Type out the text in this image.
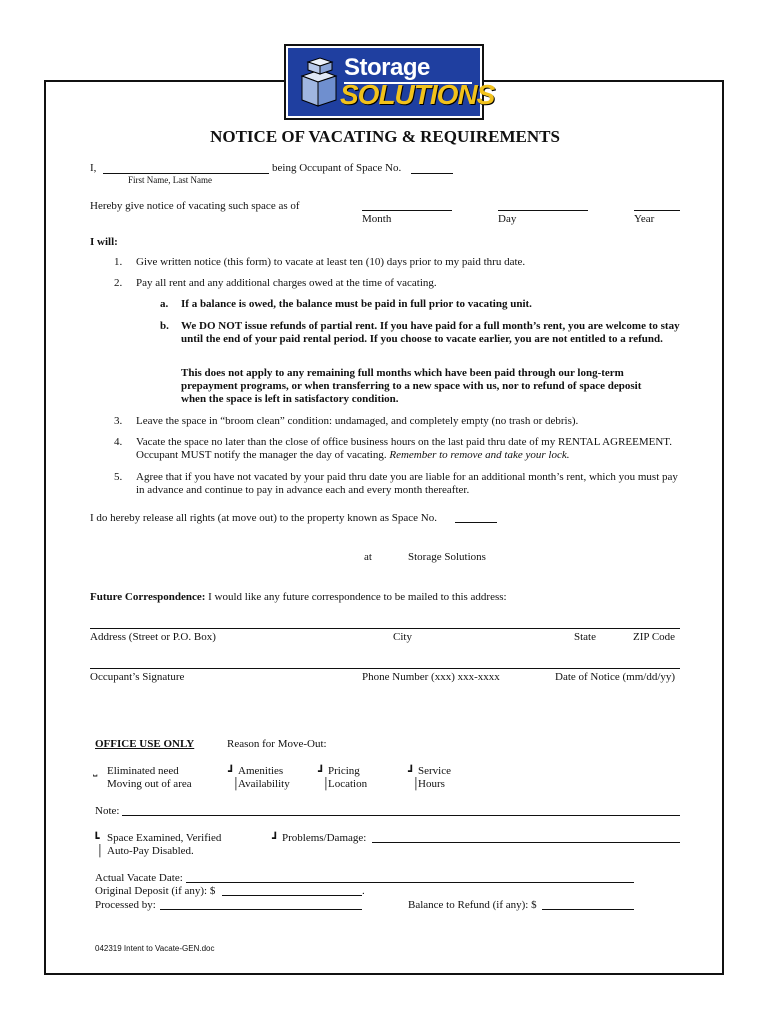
Storage
SOLUTIONS
NOTICE OF VACATING & REQUIREMENTS
I,	being Occupant of Space No.
First Name, Last Name
Hereby give notice of vacating such space as of
Month	Day	Year
I will:
1. Give written notice (this form) to vacate at least ten (10) days prior to my paid thru date.
2. Pay all rent and any additional charges owed at the time of vacating.
a. If a balance is owed, the balance must be paid in full prior to vacating unit.
b. We DO NOT issue refunds of partial rent. If you have paid for a full month’s rent, you are welcome to stay until the end of your paid rental period. If you choose to vacate earlier, you are not entitled to a refund.
This does not apply to any remaining full months which have been paid through our long-term prepayment programs, or when transferring to a new space with us, nor to refund of space deposit when the space is left in satisfactory condition.
3. Leave the space in “broom clean” condition: undamaged, and completely empty (no trash or debris).
4. Vacate the space no later than the close of office business hours on the last paid thru date of my RENTAL AGREEMENT. Occupant MUST notify the manager the day of vacating. Remember to remove and take your lock.
5. Agree that if you have not vacated by your paid thru date you are liable for an additional month’s rent, which you must pay in advance and continue to pay in advance each and every month thereafter.
I do hereby release all rights (at move out) to the property known as Space No.
at	Storage Solutions
Future Correspondence: I would like any future correspondence to be mailed to this address:
Address (Street or P.O. Box)	City	State	ZIP Code
Occupant’s Signature	Phone Number (xxx) xxx-xxxx	Date of Notice (mm/dd/yy)
OFFICE USE ONLY	Reason for Move-Out:
⎵ Eliminated need
Moving out of area
┛ Amenities
│
Availability
┛ Pricing
│
Location
┛ Service
│
Hours
Note:
┗ Space Examined, Verified
│ Auto-Pay Disabled.
┛ Problems/Damage:
Actual Vacate Date:
Original Deposit (if any): $	.
Processed by:	Balance to Refund (if any): $
042319 Intent to Vacate-GEN.doc
